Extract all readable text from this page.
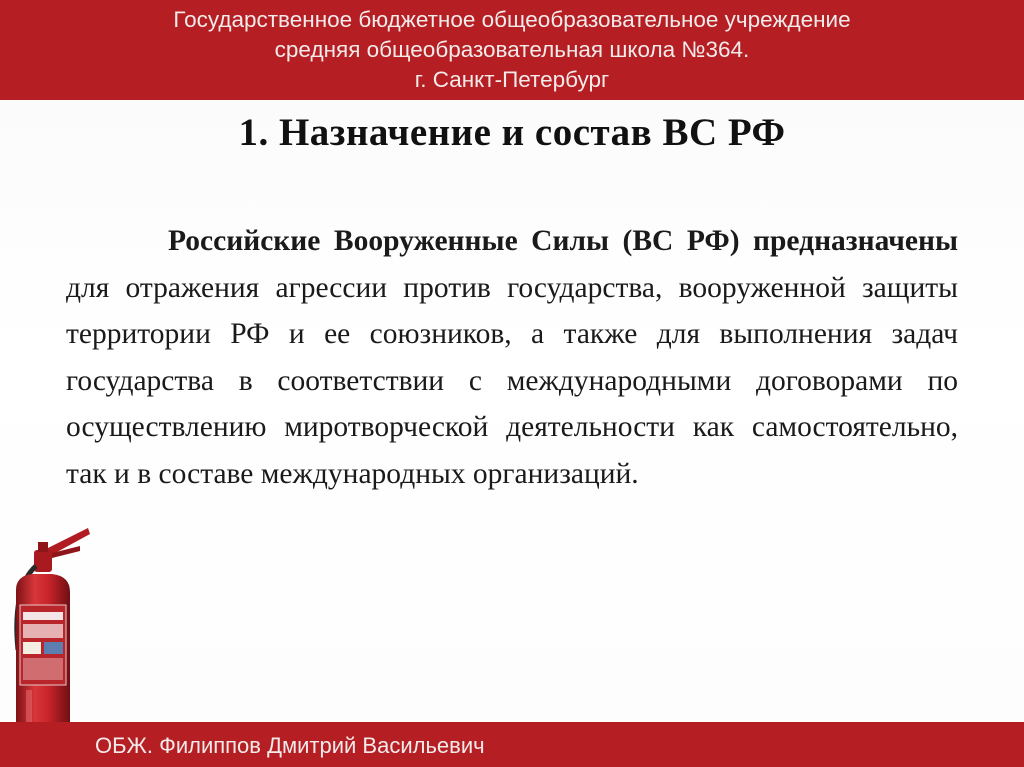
Государственное бюджетное общеобразовательное учреждение
средняя общеобразовательная школа №364.
г. Санкт-Петербург
1. Назначение и состав ВС РФ

Российские Вооруженные Силы (ВС РФ) предназначены для отражения агрессии против государства, вооруженной защиты территории РФ и ее союзников, а также для выполнения задач государства в соответствии с международными договорами по осуществлению миротворческой деятельности как самостоятельно, так и в составе международных организаций.

ОБЖ. Филиппов Дмитрий Васильевич
